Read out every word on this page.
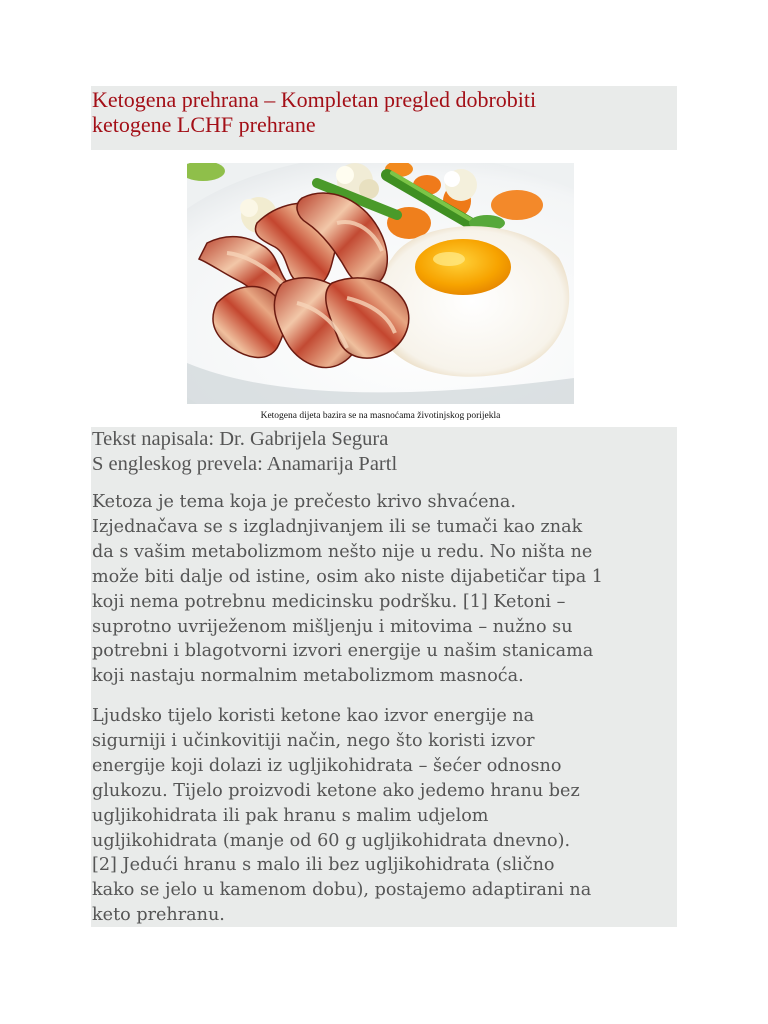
Ketogena prehrana – Kompletan pregled dobrobiti
ketogene LCHF prehrane
Ketogena dijeta bazira se na masnoćama životinjskog porijekla
Tekst napisala: Dr. Gabrijela Segura
S engleskog prevela: Anamarija Partl

Ketoza je tema koja je prečesto krivo shvaćena.
Izjednačava se s izgladnjivanjem ili se tumači kao znak
da s vašim metabolizmom nešto nije u redu. No ništa ne
može biti dalje od istine, osim ako niste dijabetičar tipa 1
koji nema potrebnu medicinsku podršku. [1] Ketoni –
suprotno uvriježenom mišljenju i mitovima – nužno su
potrebni i blagotvorni izvori energije u našim stanicama
koji nastaju normalnim metabolizmom masnoća.

Ljudsko tijelo koristi ketone kao izvor energije na
sigurniji i učinkovitiji način, nego što koristi izvor
energije koji dolazi iz ugljikohidrata – šećer odnosno
glukozu. Tijelo proizvodi ketone ako jedemo hranu bez
ugljikohidrata ili pak hranu s malim udjelom
ugljikohidrata (manje od 60 g ugljikohidrata dnevno).
[2] Jedući hranu s malo ili bez ugljikohidrata (slično
kako se jelo u kamenom dobu), postajemo adaptirani na
keto prehranu.
